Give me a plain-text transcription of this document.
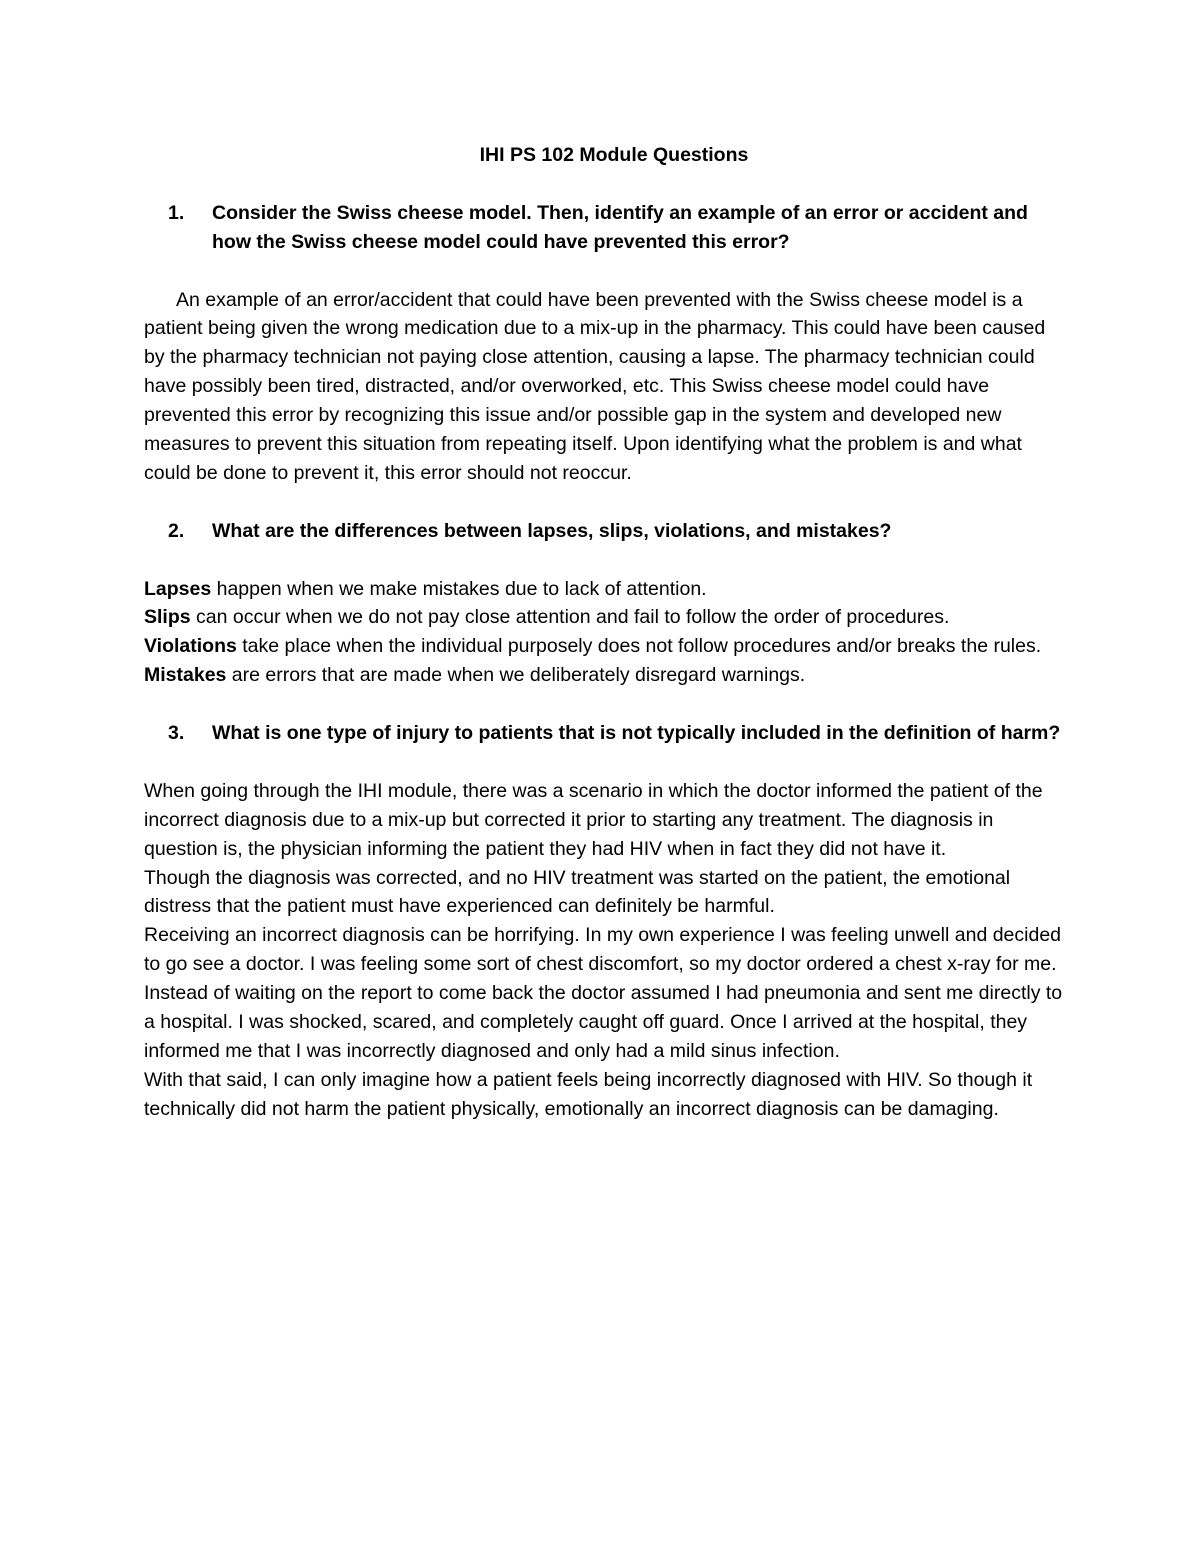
IHI PS 102 Module Questions
1.	Consider the Swiss cheese model. Then, identify an example of an error or accident and how the Swiss cheese model could have prevented this error?

An example of an error/accident that could have been prevented with the Swiss cheese model is a patient being given the wrong medication due to a mix-up in the pharmacy. This could have been caused by the pharmacy technician not paying close attention, causing a lapse. The pharmacy technician could have possibly been tired, distracted, and/or overworked, etc. This Swiss cheese model could have prevented this error by recognizing this issue and/or possible gap in the system and developed new measures to prevent this situation from repeating itself. Upon identifying what the problem is and what could be done to prevent it, this error should not reoccur.

2.	What are the differences between lapses, slips, violations, and mistakes?

Lapses happen when we make mistakes due to lack of attention.

Slips can occur when we do not pay close attention and fail to follow the order of procedures.

Violations take place when the individual purposely does not follow procedures and/or breaks the rules.

Mistakes are errors that are made when we deliberately disregard warnings.

3.	What is one type of injury to patients that is not typically included in the definition of harm?

When going through the IHI module, there was a scenario in which the doctor informed the patient of the incorrect diagnosis due to a mix-up but corrected it prior to starting any treatment. The diagnosis in question is, the physician informing the patient they had HIV when in fact they did not have it.

Though the diagnosis was corrected, and no HIV treatment was started on the patient, the emotional distress that the patient must have experienced can definitely be harmful.

Receiving an incorrect diagnosis can be horrifying. In my own experience I was feeling unwell and decided to go see a doctor. I was feeling some sort of chest discomfort, so my doctor ordered a chest x-ray for me. Instead of waiting on the report to come back the doctor assumed I had pneumonia and sent me directly to a hospital. I was shocked, scared, and completely caught off guard. Once I arrived at the hospital, they informed me that I was incorrectly diagnosed and only had a mild sinus infection.

With that said, I can only imagine how a patient feels being incorrectly diagnosed with HIV. So though it technically did not harm the patient physically, emotionally an incorrect diagnosis can be damaging.
